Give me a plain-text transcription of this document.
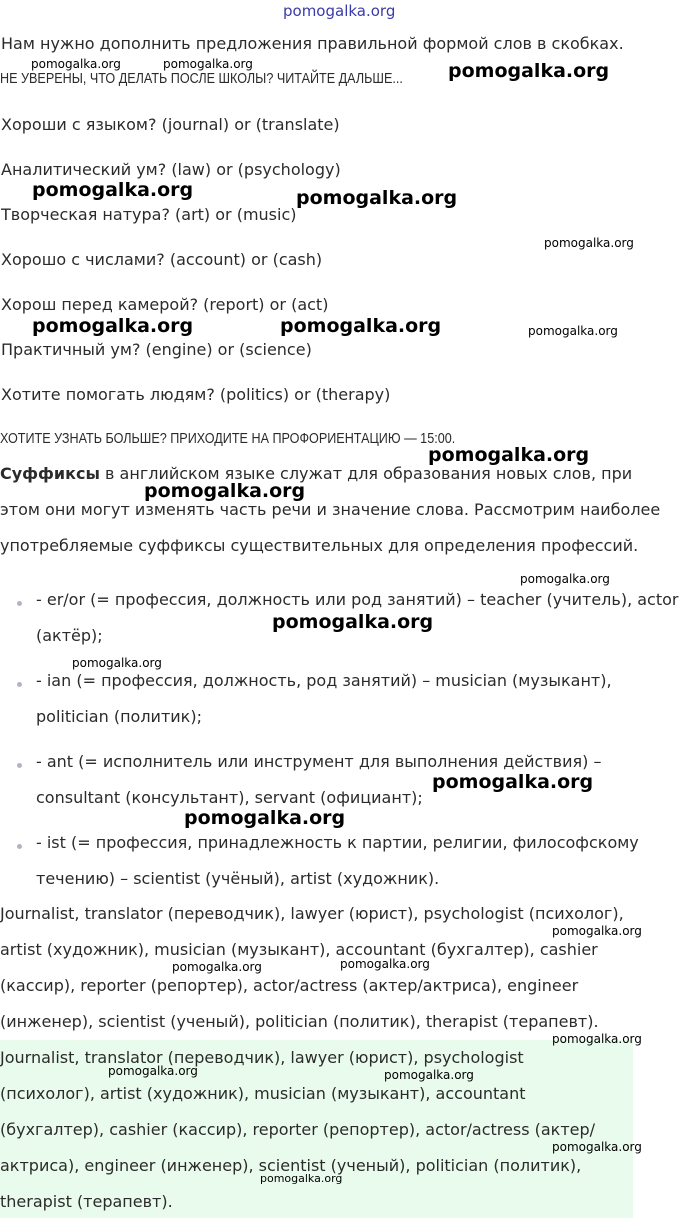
pomogalka.org
Нам нужно дополнить предложения правильной формой слов в скобках.
НЕ УВЕРЕНЫ, ЧТО ДЕЛАТЬ ПОСЛЕ ШКОЛЫ? ЧИТАЙТЕ ДАЛЬШЕ...
Хороши с языком? (journal) or (translate)
Аналитический ум? (law) or (psychology)
Творческая натура? (art) or (music)
Хорошо с числами? (account) or (cash)
Хорош перед камерой? (report) or (act)
Практичный ум? (engine) or (science)
Хотите помогать людям? (politics) or (therapy)
ХОТИТЕ УЗНАТЬ БОЛЬШЕ? ПРИХОДИТЕ НА ПРОФОРИЕНТАЦИЮ — 15:00.
Суффиксы в английском языке служат для образования новых слов, при этом они могут изменять часть речи и значение слова. Рассмотрим наиболее употребляемые суффиксы существительных для определения профессий.
- er/or (= профессия, должность или род занятий) – teacher (учитель), actor (актёр);
- ian (= профессия, должность, род занятий) – musician (музыкант), politician (политик);
- ant (= исполнитель или инструмент для выполнения действия) – consultant (консультант), servant (официант);
- ist (= профессия, принадлежность к партии, религии, философскому течению) – scientist (учёный), artist (художник).
Journalist, translator (переводчик), lawyer (юрист), psychologist (психолог), artist (художник), musician (музыкант), accountant (бухгалтер), cashier (кассир), reporter (репортер), actor/actress (актер/актриса), engineer (инженер), scientist (ученый), politician (политик), therapist (терапевт).
Journalist, translator (переводчик), lawyer (юрист), psychologist (психолог), artist (художник), musician (музыкант), accountant (бухгалтер), cashier (кассир), reporter (репортер), actor/actress (актер/актриса), engineer (инженер), scientist (ученый), politician (политик), therapist (терапевт).
pomogalka.org	pomogalka.org	pomogalka.org
pomogalka.org	pomogalka.org
pomogalka.org
pomogalka.org	pomogalka.org	pomogalka.org
pomogalka.org
pomogalka.org
pomogalka.org
pomogalka.org
pomogalka.org
pomogalka.org
pomogalka.org
pomogalka.org
pomogalka.org	pomogalka.org
pomogalka.org
pomogalka.org	pomogalka.org
pomogalka.org
pomogalka.org
